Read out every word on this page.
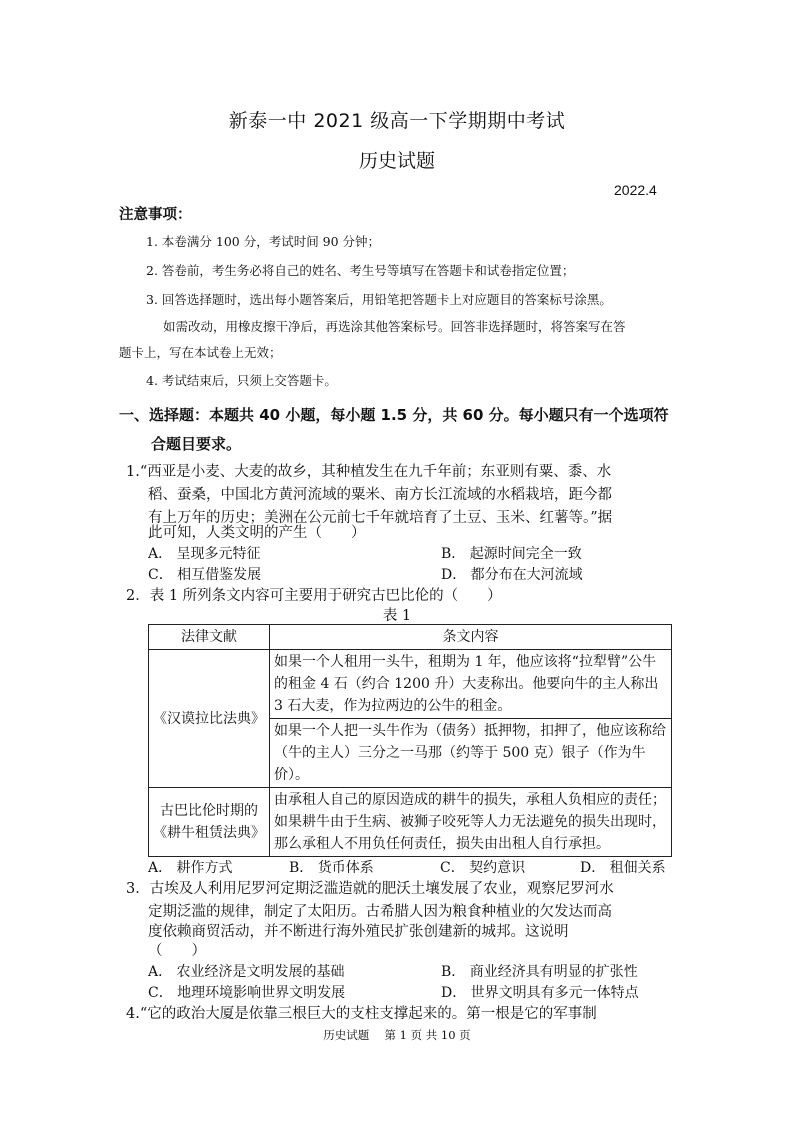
新泰一中 2021 级高一下学期期中考试
历史试题
2022.4
注意事项：
1. 本卷满分 100 分，考试时间 90 分钟；
2. 答卷前，考生务必将自己的姓名、考生号等填写在答题卡和试卷指定位置；
3. 回答选择题时，选出每小题答案后，用铅笔把答题卡上对应题目的答案标号涂黑。
如需改动，用橡皮擦干净后，再选涂其他答案标号。回答非选择题时，将答案写在答
题卡上，写在本试卷上无效；
4. 考试结束后，只须上交答题卡。
一、选择题：本题共 40 小题，每小题 1.5 分，共 60 分。每小题只有一个选项符
合题目要求。
1.“西亚是小麦、大麦的故乡，其种植发生在九千年前；东亚则有粟、黍、水
稻、蚕桑，中国北方黄河流域的粟米、南方长江流域的水稻栽培，距今都
有上万年的历史；美洲在公元前七千年就培育了土豆、玉米、红薯等。”据
此可知，人类文明的产生（　　）
A． 呈现多元特征	B． 起源时间完全一致
C． 相互借鉴发展	D． 都分布在大河流域
2．表 1 所列条文内容可主要用于研究古巴比伦的（　　）
表 1
法律文献	条文内容
《汉谟拉比法典》	如果一个人租用一头牛，租期为 1 年，他应该将“拉犁臂”公牛的租金 4 石（约合 1200 升）大麦称出。他要向牛的主人称出 3 石大麦，作为拉两边的公牛的租金。
	如果一个人把一头牛作为（债务）抵押物，扣押了，他应该称给（牛的主人）三分之一马那（约等于 500 克）银子（作为牛价）。
古巴比伦时期的《耕牛租赁法典》	由承租人自己的原因造成的耕牛的损失，承租人负相应的责任；如果耕牛由于生病、被狮子咬死等人力无法避免的损失出现时，那么承租人不用负任何责任，损失由出租人自行承担。
A． 耕作方式	B． 货币体系	C． 契约意识	D． 租佃关系
3．古埃及人利用尼罗河定期泛滥造就的肥沃土壤发展了农业，观察尼罗河水
定期泛滥的规律，制定了太阳历。古希腊人因为粮食种植业的欠发达而高
度依赖商贸活动，并不断进行海外殖民扩张创建新的城邦。这说明
（　　）
A． 农业经济是文明发展的基础	B． 商业经济具有明显的扩张性
C． 地理环境影响世界文明发展	D． 世界文明具有多元一体特点
4.“它的政治大厦是依靠三根巨大的支柱支撑起来的。第一根是它的军事制
历史试题　 第 1 页 共 10 页
